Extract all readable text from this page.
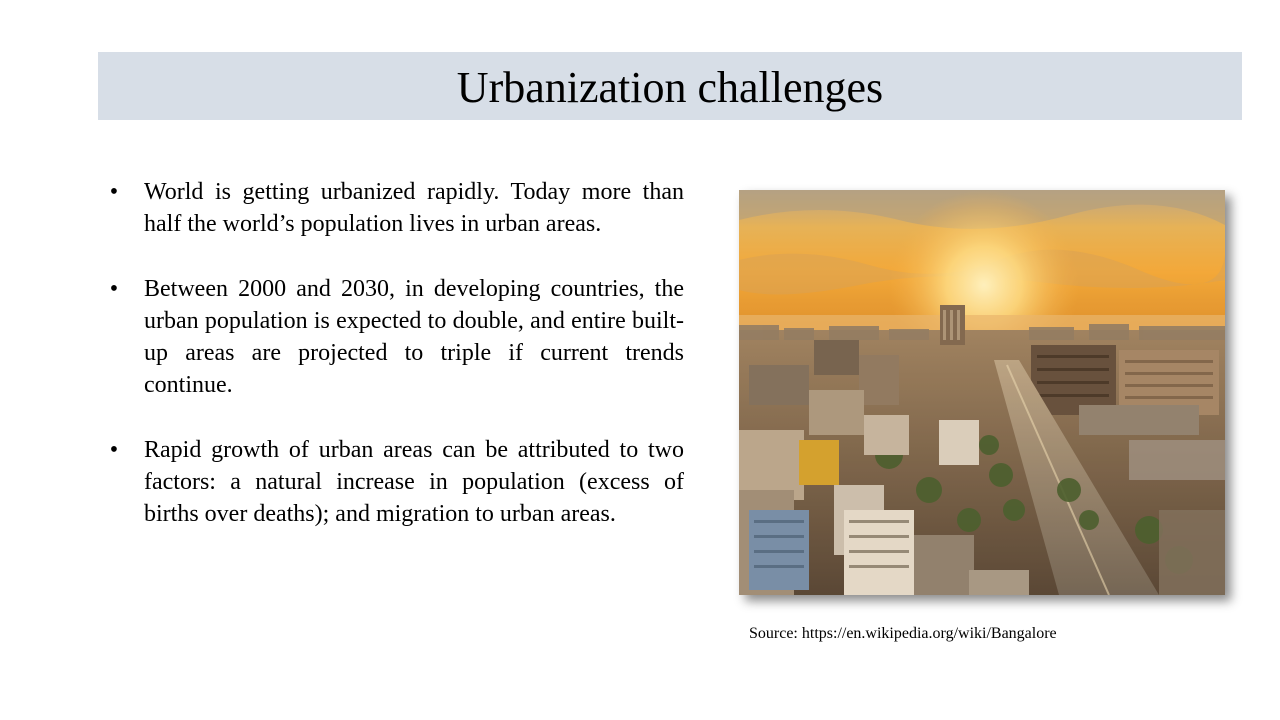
Urbanization challenges
• World is getting urbanized rapidly. Today more than half the world’s population lives in urban areas.
• Between 2000 and 2030, in developing countries, the urban population is expected to double, and entire built-up areas are projected to triple if current trends continue.
• Rapid growth of urban areas can be attributed to two factors: a natural increase in population (excess of births over deaths); and migration to urban areas.
Source: https://en.wikipedia.org/wiki/Bangalore
